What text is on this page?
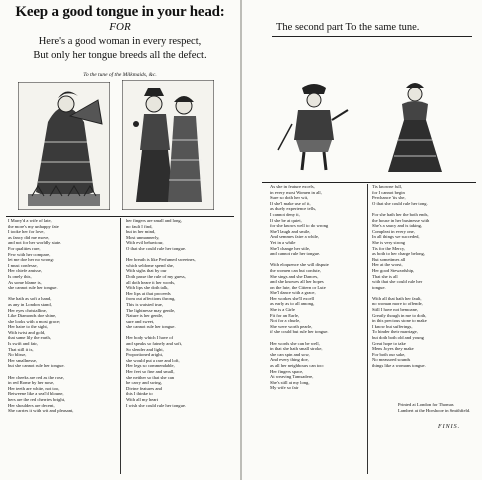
Keep a good tongue in your head:
FOR
Here's a good woman in every respect,
But only her tongue breeds all the defect.
To the tune of the Milkmaids, &c.
I Marry'd a wife of late,
the more's my unhappy fate
I tooke her for love,
as fancy did me move,
and not for her worldly state.
For qualities rare,
Few with her compare,
let me doe her no wrong:
I must confesse,
Her chiefe amisse,
Is onely this,
As some blame is,
she cannot rule her tongue.

She hath as soft a hand,
as any in London stand,
Her eyes christalline,
Like Diamonds doe shine,
she looks with a most grace;
Her haire to the sight,
With twist and gold,
that same lily the earth,
Is swift and fair,
That still it is,
No blisse,
Her smallnesse,
but she cannot rule her tongue.

Her cheeks are red as the rose,
in red Rome by her nose,
Her teeth are white, not too,
Betweene like a seal'd bloune,
hers are the red cherries bright,
Her shoulders are decent,
She carries it with wit and pleasant,
her fingers are small and long,
no fault I find,
but in her mind,
Most unmannerly,
With evil behaviour,
O that she could rule her tongue.

Her breath is like Perfumed sweetnes,
which seldome spend she,
With sighs that by our
Doth passe the rule of my guess,
all doth heare it her words,
With lips she doth talk,
Her lips at that proceeds
from out affections throng,
This is waisted true,
The lightnesse may gentle,
Nature is her gentle,
sure and sweet,
she cannot rule her tongue.

Her body which I have of
and speaks so fainely and soft,
So slender and light,
Proportioned aright,
she would put a rare and loft,
Her legs so commendable,
Her feet so fine and small,
she neither so that she can
be carry and swing,
Divine features and
this I thinke to
With all my heart
I wish she could rule her tongue.
The second part To the same tune.
As she in feature excels,
in every most Women in all,
Sure so doth her wit,
If she'l make use of it,
as duely experience tells,
I cannot deny it,
If she be at quiet,
for she knows well to do wrong
She'l laugh and smile,
And semmes faire a while,
Yet in a while
She'l change her stile,
and cannot rule her tongue.

With eloquence she will dispute
the women can but confute,
She sings and she Dances,
and she knowes all her hopes
on the lute, the Cittern or Lute
She'l dance with a grace,
Her workes she'll excell
as early as to all among,
She is a Girle
Fit for an Earle,
Not for a churle,
She were worth pearle,
if she could but rule her tongue.

Her words she can be well,
in that she hath small stroke,
she can spin and sow,
And every thing doe,
as all her neighbours can too:
Her fingers space,
At weaving Tamsadere,
She's still at my long,
My wife so fair
Tis knowne full,
for I cannot begin
Perchance 'tis she,
O that she could rule her tong.

For she hath her the both ends,
the house in her businesse with
She's a saucy and is taking,
Compleat in every one,
In all things we succeded,
She is very strong
Tis for the Mercy,
as both to her charge belong,
But sometimes all
Her at the worst,
Her good Stewardship,
That she is all
with that she could rule her
tongue.

With all that hath her fault,
no woman more to offende,
Still I have not bemoane,
Greatly though in me to doth,
in this precious stone to make
I know but sufferings,
To hinder their marriage,
but doth both old and young
Great hope to take
Mens Joyes they make
For both our sake,
No measured sounds
things like a womans tongue.
Printed at London for Thomas
Lambert at the Horshooe in Smithfield.
FINIS.
